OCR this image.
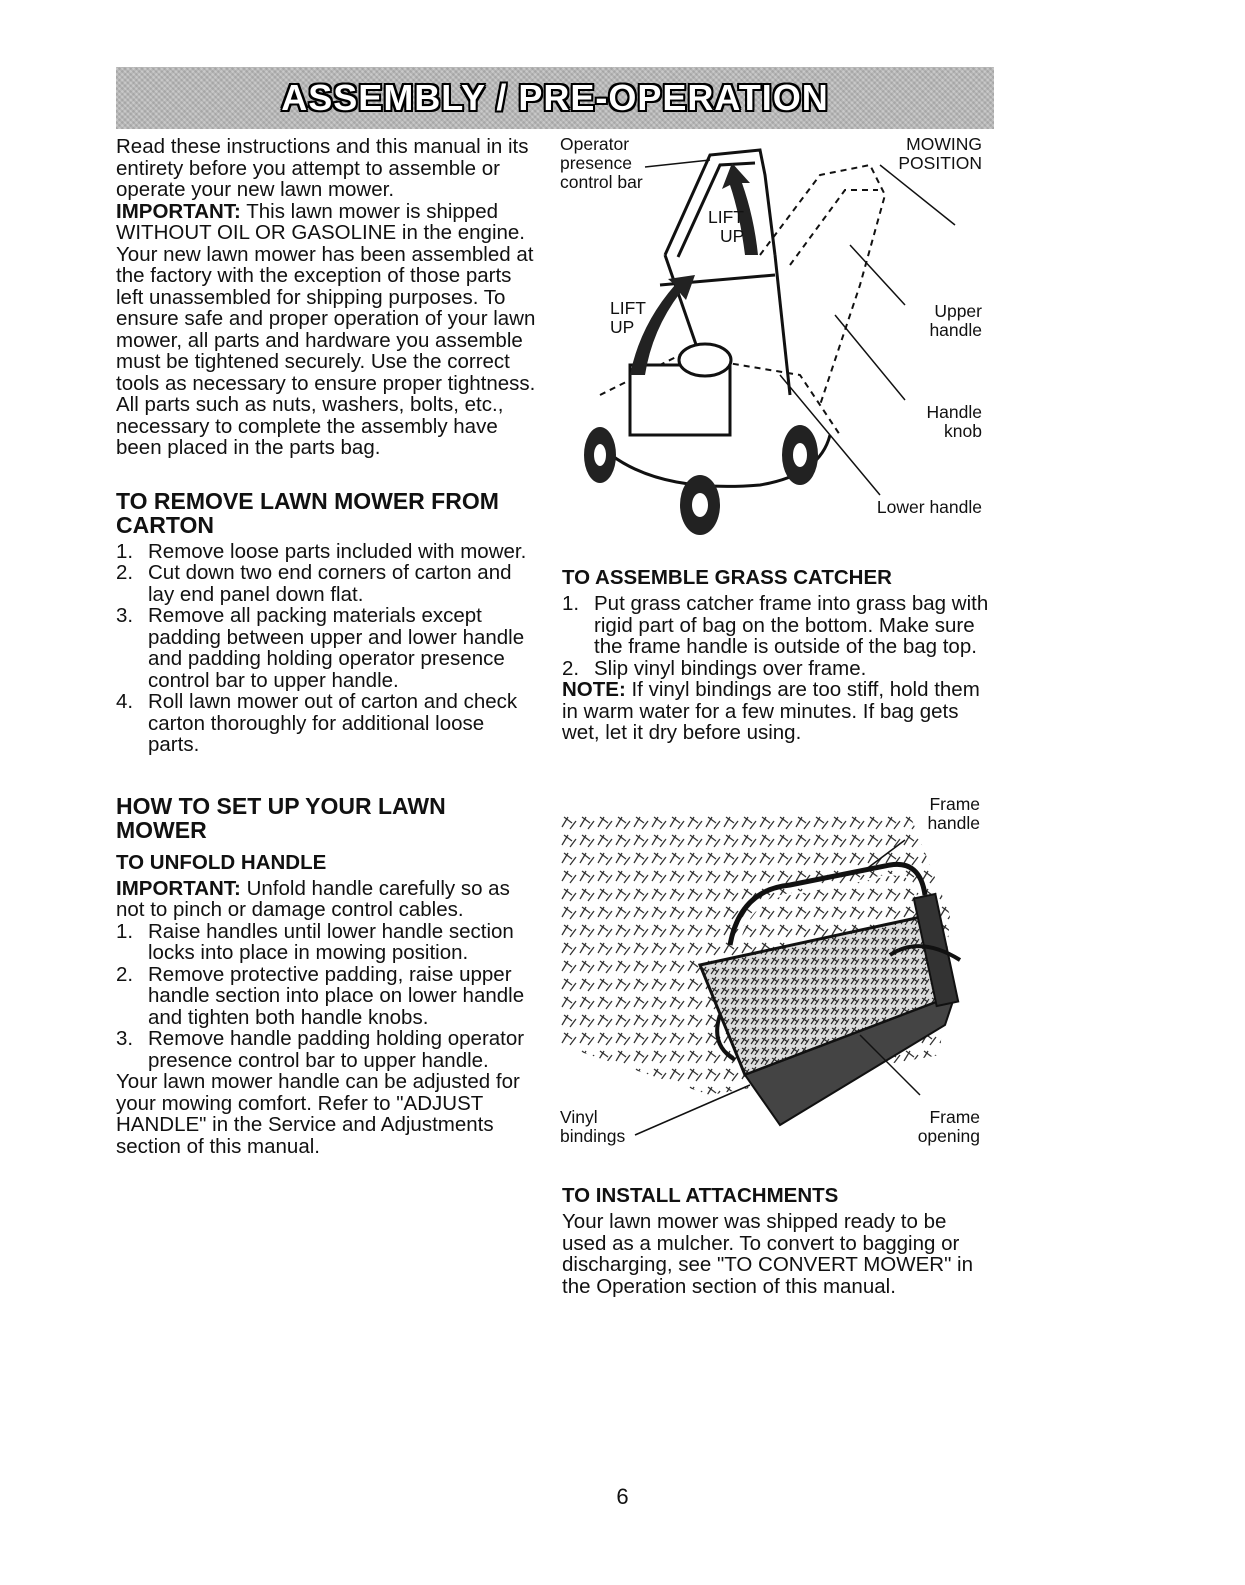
ASSEMBLY / PRE-OPERATION

Read these instructions and this manual in its entirety before you attempt to assemble or operate your new lawn mower.

IMPORTANT: This lawn mower is shipped WITHOUT OIL OR GASOLINE in the engine.

Your new lawn mower has been assembled at the factory with the exception of those parts left unassembled for shipping purposes. To ensure safe and proper operation of your lawn mower, all parts and hardware you assemble must be tightened securely. Use the correct tools as necessary to ensure proper tightness. All parts such as nuts, washers, bolts, etc., necessary to complete the assembly have been placed in the parts bag.

TO REMOVE LAWN MOWER FROM CARTON

1. Remove loose parts included with mower.
2. Cut down two end corners of carton and lay end panel down flat.
3. Remove all packing materials except padding between upper and lower handle and padding holding operator presence control bar to upper handle.
4. Roll lawn mower out of carton and check carton thoroughly for additional loose parts.

HOW TO SET UP YOUR LAWN MOWER

TO UNFOLD HANDLE

IMPORTANT: Unfold handle carefully so as not to pinch or damage control cables.

1. Raise handles until lower handle section locks into place in mowing position.
2. Remove protective padding, raise upper handle section into place on lower handle and tighten both handle knobs.
3. Remove handle padding holding operator presence control bar to upper handle.

Your lawn mower handle can be adjusted for your mowing comfort. Refer to "ADJUST HANDLE" in the Service and Adjustments section of this manual.

Operator
presence
control bar
MOWING
POSITION
LIFT
UP
LIFT
UP
Upper
handle
Handle
knob
Lower handle

TO ASSEMBLE GRASS CATCHER

1. Put grass catcher frame into grass bag with rigid part of bag on the bottom. Make sure the frame handle is outside of the bag top.
2. Slip vinyl bindings over frame.

NOTE: If vinyl bindings are too stiff, hold them in warm water for a few minutes. If bag gets wet, let it dry before using.

Frame
handle
Vinyl
bindings
Frame
opening

TO INSTALL ATTACHMENTS

Your lawn mower was shipped ready to be used as a mulcher. To convert to bagging or discharging, see "TO CONVERT MOWER" in the Operation section of this manual.

6
